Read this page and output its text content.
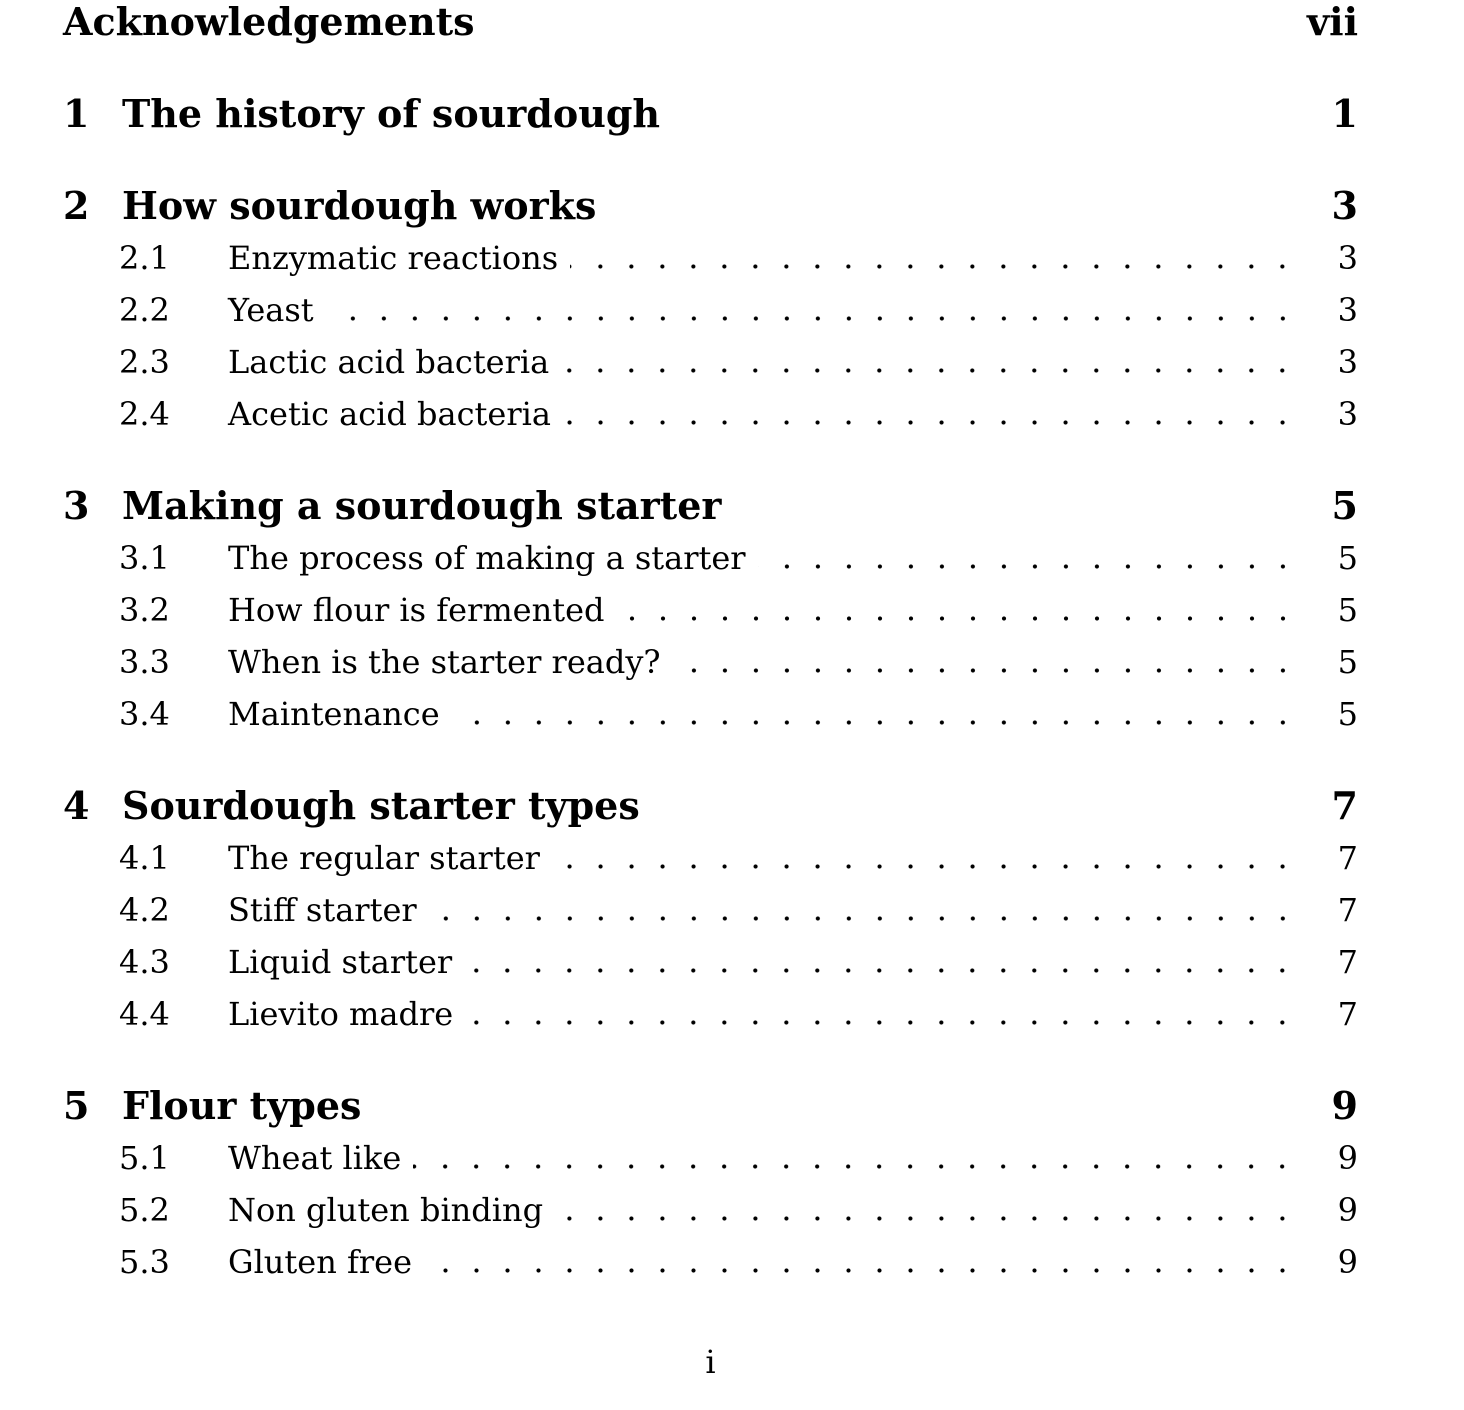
Acknowledgements	vii
1 The history of sourdough	1
2 How sourdough works	3
2.1	Enzymatic reactions	3
2.2	Yeast	3
2.3	Lactic acid bacteria	3
2.4	Acetic acid bacteria	3
3 Making a sourdough starter	5
3.1	The process of making a starter	5
3.2	How flour is fermented	5
3.3	When is the starter ready?	5
3.4	Maintenance	5
4 Sourdough starter types	7
4.1	The regular starter	7
4.2	Stiff starter	7
4.3	Liquid starter	7
4.4	Lievito madre	7
5 Flour types	9
5.1	Wheat like	9
5.2	Non gluten binding	9
5.3	Gluten free	9
i
